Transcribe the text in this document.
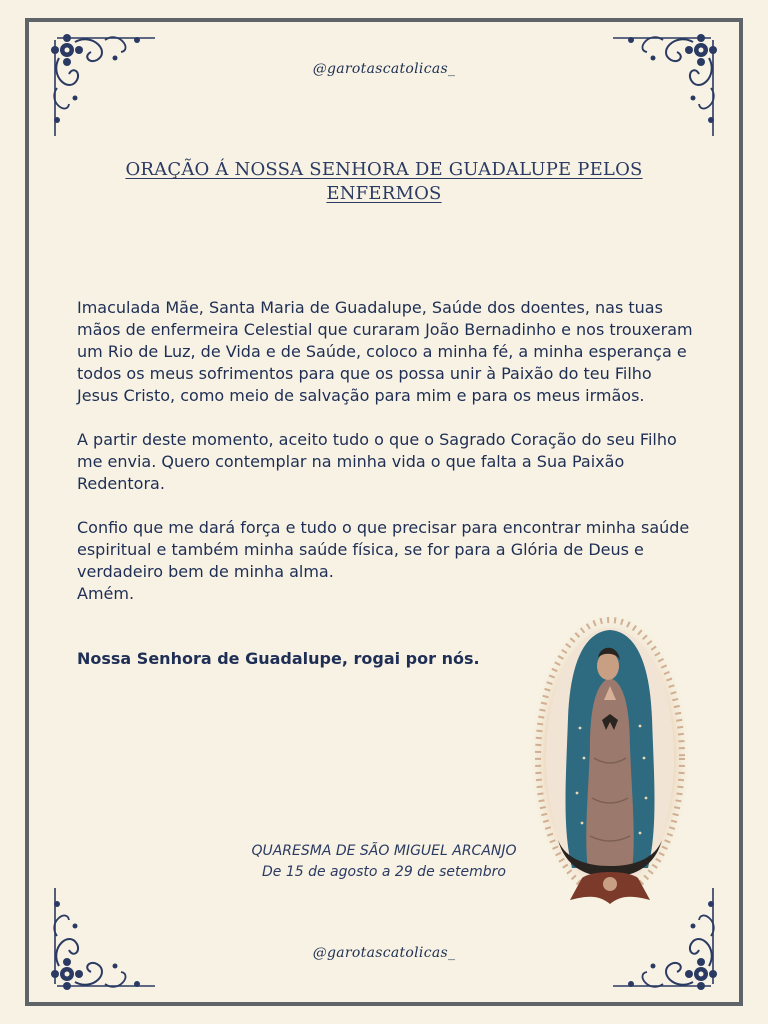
@garotascatolicas_
ORAÇÃO Á NOSSA SENHORA DE GUADALUPE PELOS ENFERMOS

Imaculada Mãe, Santa Maria de Guadalupe, Saúde dos doentes, nas tuas mãos de enfermeira Celestial que curaram João Bernadinho e nos trouxeram um Rio de Luz, de Vida e de Saúde, coloco a minha fé, a minha esperança e todos os meus sofrimentos para que os possa unir à Paixão do teu Filho Jesus Cristo, como meio de salvação para mim e para os meus irmãos.

A partir deste momento, aceito tudo o que o Sagrado Coração do seu Filho me envia. Quero contemplar na minha vida o que falta a Sua Paixão Redentora.

Confio que me dará força e tudo o que precisar para encontrar minha saúde espiritual e também minha saúde física, se for para a Glória de Deus e verdadeiro bem de minha alma.

Amém.

Nossa Senhora de Guadalupe, rogai por nós.
QUARESMA DE SÃO MIGUEL ARCANJO
De 15 de agosto a 29 de setembro
@garotascatolicas_
